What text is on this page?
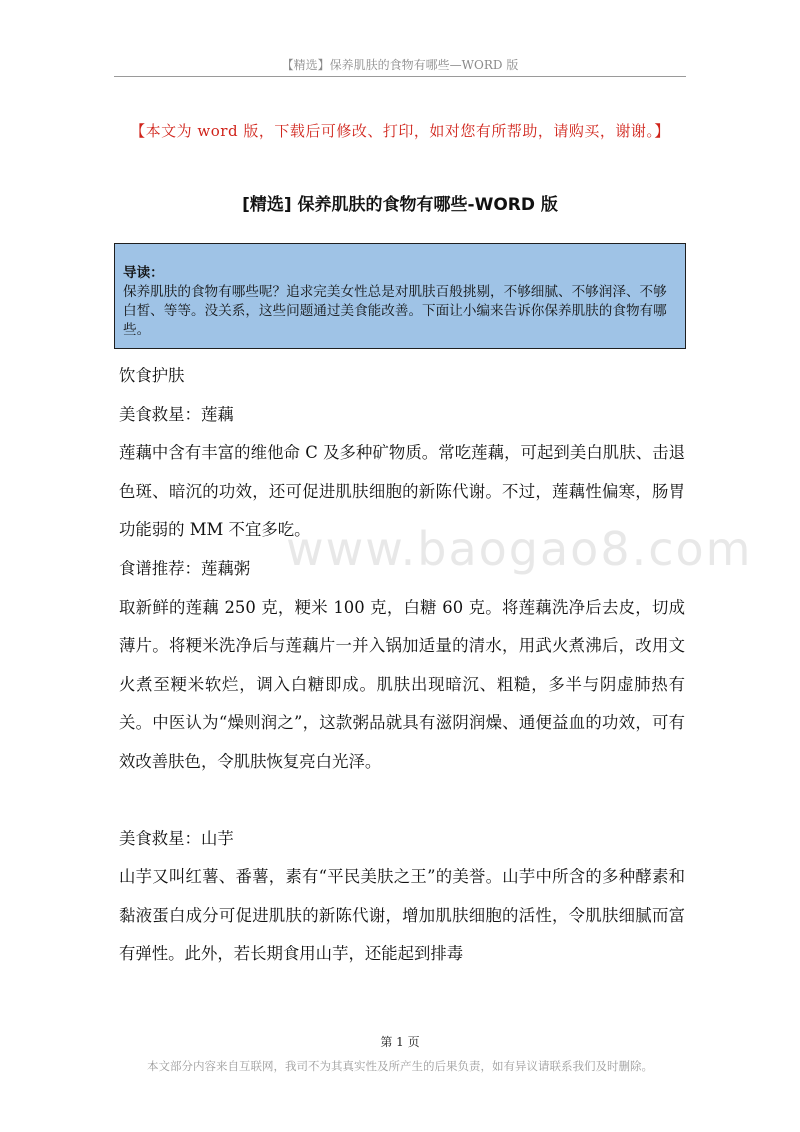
【精选】保养肌肤的食物有哪些—WORD 版
【本文为 word 版，下载后可修改、打印，如对您有所帮助，请购买，谢谢。】
[精选] 保养肌肤的食物有哪些-WORD 版
导读：
保养肌肤的食物有哪些呢？追求完美女性总是对肌肤百般挑剔，不够细腻、不够润泽、不够白皙、等等。没关系，这些问题通过美食能改善。下面让小编来告诉你保养肌肤的食物有哪些。
www.baogao8.com

饮食护肤

美食救星：莲藕

莲藕中含有丰富的维他命 C 及多种矿物质。常吃莲藕，可起到美白肌肤、击退色斑、暗沉的功效，还可促进肌肤细胞的新陈代谢。不过，莲藕性偏寒，肠胃功能弱的 MM 不宜多吃。

食谱推荐：莲藕粥

取新鲜的莲藕 250 克，粳米 100 克，白糖 60 克。将莲藕洗净后去皮，切成薄片。将粳米洗净后与莲藕片一并入锅加适量的清水，用武火煮沸后，改用文火煮至粳米软烂，调入白糖即成。肌肤出现暗沉、粗糙，多半与阴虚肺热有关。中医认为“燥则润之”，这款粥品就具有滋阴润燥、通便益血的功效，可有效改善肤色，令肌肤恢复亮白光泽。

美食救星：山芋

山芋又叫红薯、番薯，素有“平民美肤之王”的美誉。山芋中所含的多种酵素和黏液蛋白成分可促进肌肤的新陈代谢，增加肌肤细胞的活性，令肌肤细腻而富有弹性。此外，若长期食用山芋，还能起到排毒

第 1 页
本文部分内容来自互联网，我司不为其真实性及所产生的后果负责，如有异议请联系我们及时删除。
